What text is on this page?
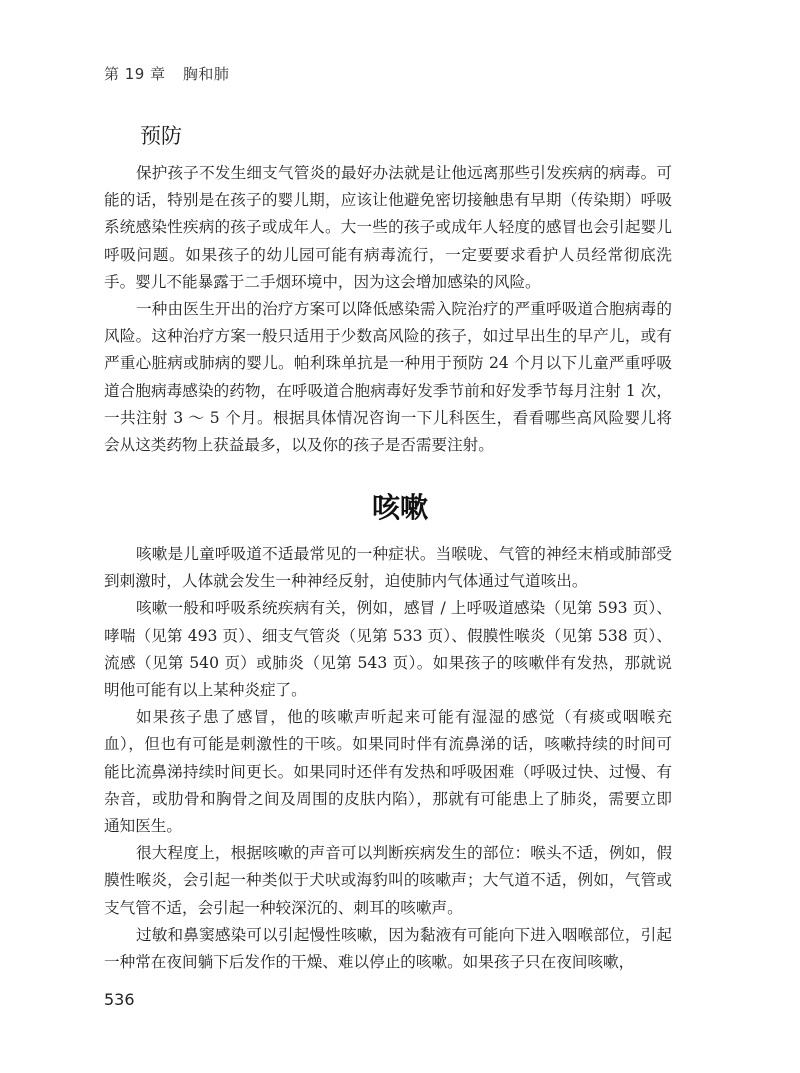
第 19 章 胸和肺
预防

保护孩子不发生细支气管炎的最好办法就是让他远离那些引发疾病的病毒。可能的话，特别是在孩子的婴儿期，应该让他避免密切接触患有早期（传染期）呼吸系统感染性疾病的孩子或成年人。大一些的孩子或成年人轻度的感冒也会引起婴儿呼吸问题。如果孩子的幼儿园可能有病毒流行，一定要要求看护人员经常彻底洗手。婴儿不能暴露于二手烟环境中，因为这会增加感染的风险。

一种由医生开出的治疗方案可以降低感染需入院治疗的严重呼吸道合胞病毒的风险。这种治疗方案一般只适用于少数高风险的孩子，如过早出生的早产儿，或有严重心脏病或肺病的婴儿。帕利珠单抗是一种用于预防 24 个月以下儿童严重呼吸道合胞病毒感染的药物，在呼吸道合胞病毒好发季节前和好发季节每月注射 1 次，一共注射 3 ～ 5 个月。根据具体情况咨询一下儿科医生，看看哪些高风险婴儿将会从这类药物上获益最多，以及你的孩子是否需要注射。

咳嗽

咳嗽是儿童呼吸道不适最常见的一种症状。当喉咙、气管的神经末梢或肺部受到刺激时，人体就会发生一种神经反射，迫使肺内气体通过气道咳出。

咳嗽一般和呼吸系统疾病有关，例如，感冒 / 上呼吸道感染（见第 593 页）、哮喘（见第 493 页）、细支气管炎（见第 533 页）、假膜性喉炎（见第 538 页）、流感（见第 540 页）或肺炎（见第 543 页）。如果孩子的咳嗽伴有发热，那就说明他可能有以上某种炎症了。

如果孩子患了感冒，他的咳嗽声听起来可能有湿湿的感觉（有痰或咽喉充血），但也有可能是刺激性的干咳。如果同时伴有流鼻涕的话，咳嗽持续的时间可能比流鼻涕持续时间更长。如果同时还伴有发热和呼吸困难（呼吸过快、过慢、有杂音，或肋骨和胸骨之间及周围的皮肤内陷），那就有可能患上了肺炎，需要立即通知医生。

很大程度上，根据咳嗽的声音可以判断疾病发生的部位：喉头不适，例如，假膜性喉炎，会引起一种类似于犬吠或海豹叫的咳嗽声；大气道不适，例如，气管或支气管不适，会引起一种较深沉的、刺耳的咳嗽声。

过敏和鼻窦感染可以引起慢性咳嗽，因为黏液有可能向下进入咽喉部位，引起一种常在夜间躺下后发作的干燥、难以停止的咳嗽。如果孩子只在夜间咳嗽，

536
